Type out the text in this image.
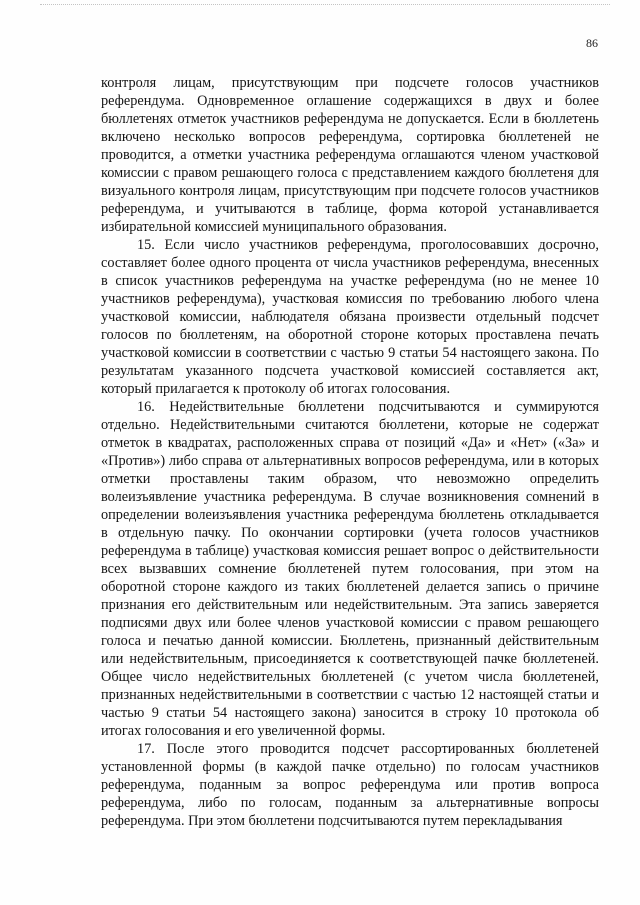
86

контроля лицам, присутствующим при подсчете голосов участников референдума. Одновременное оглашение содержащихся в двух и более бюллетенях отметок участников референдума не допускается. Если в бюллетень включено несколько вопросов референдума, сортировка бюллетеней не проводится, а отметки участника референдума оглашаются членом участковой комиссии с правом решающего голоса с представлением каждого бюллетеня для визуального контроля лицам, присутствующим при подсчете голосов участников референдума, и учитываются в таблице, форма которой устанавливается избирательной комиссией муниципального образования.

15. Если число участников референдума, проголосовавших досрочно, составляет более одного процента от числа участников референдума, внесенных в список участников референдума на участке референдума (но не менее 10 участников референдума), участковая комиссия по требованию любого члена участковой комиссии, наблюдателя обязана произвести отдельный подсчет голосов по бюллетеням, на оборотной стороне которых проставлена печать участковой комиссии в соответствии с частью 9 статьи 54 настоящего закона. По результатам указанного подсчета участковой комиссией составляется акт, который прилагается к протоколу об итогах голосования.

16. Недействительные бюллетени подсчитываются и суммируются отдельно. Недействительными считаются бюллетени, которые не содержат отметок в квадратах, расположенных справа от позиций «Да» и «Нет» («За» и «Против») либо справа от альтернативных вопросов референдума, или в которых отметки проставлены таким образом, что невозможно определить волеизъявление участника референдума. В случае возникновения сомнений в определении волеизъявления участника референдума бюллетень откладывается в отдельную пачку. По окончании сортировки (учета голосов участников референдума в таблице) участковая комиссия решает вопрос о действительности всех вызвавших сомнение бюллетеней путем голосования, при этом на оборотной стороне каждого из таких бюллетеней делается запись о причине признания его действительным или недействительным. Эта запись заверяется подписями двух или более членов участковой комиссии с правом решающего голоса и печатью данной комиссии. Бюллетень, признанный действительным или недействительным, присоединяется к соответствующей пачке бюллетеней. Общее число недействительных бюллетеней (с учетом числа бюллетеней, признанных недействительными в соответствии с частью 12 настоящей статьи и частью 9 статьи 54 настоящего закона) заносится в строку 10 протокола об итогах голосования и его увеличенной формы.

17. После этого проводится подсчет рассортированных бюллетеней установленной формы (в каждой пачке отдельно) по голосам участников референдума, поданным за вопрос референдума или против вопроса референдума, либо по голосам, поданным за альтернативные вопросы референдума. При этом бюллетени подсчитываются путем перекладывания
